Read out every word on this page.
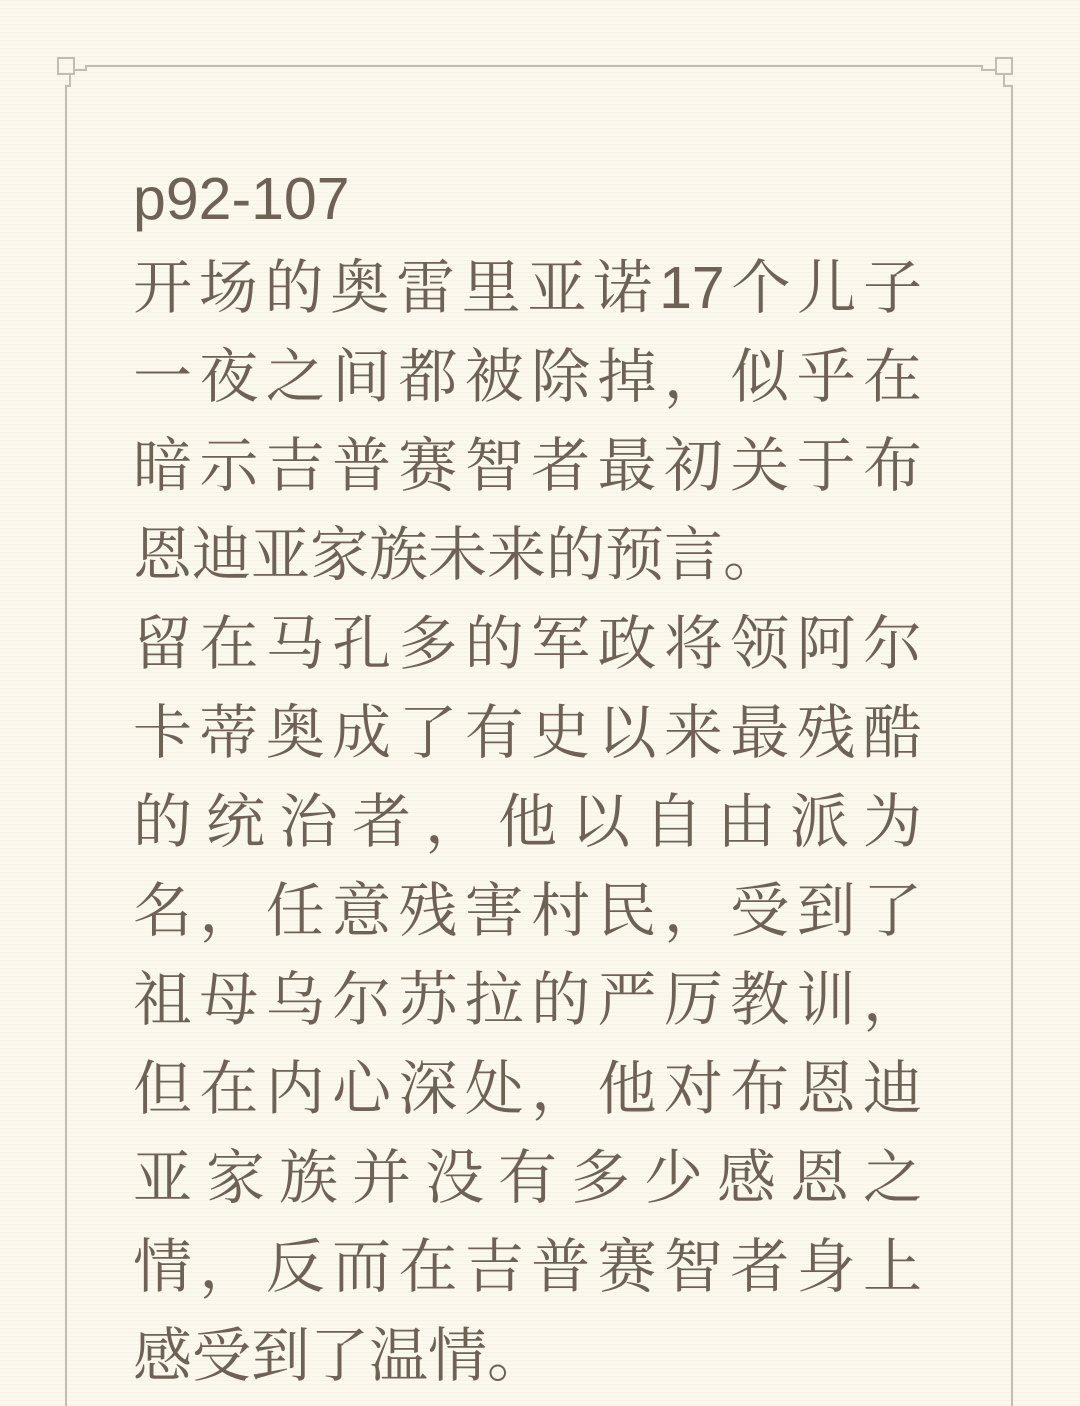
p92-107
开场的奥雷里亚诺17个儿子
一夜之间都被除掉，似乎在
暗示吉普赛智者最初关于布
恩迪亚家族未来的预言。
留在马孔多的军政将领阿尔
卡蒂奥成了有史以来最残酷
的统治者，他以自由派为
名，任意残害村民，受到了
祖母乌尔苏拉的严厉教训，
但在内心深处，他对布恩迪
亚家族并没有多少感恩之
情，反而在吉普赛智者身上
感受到了温情。
